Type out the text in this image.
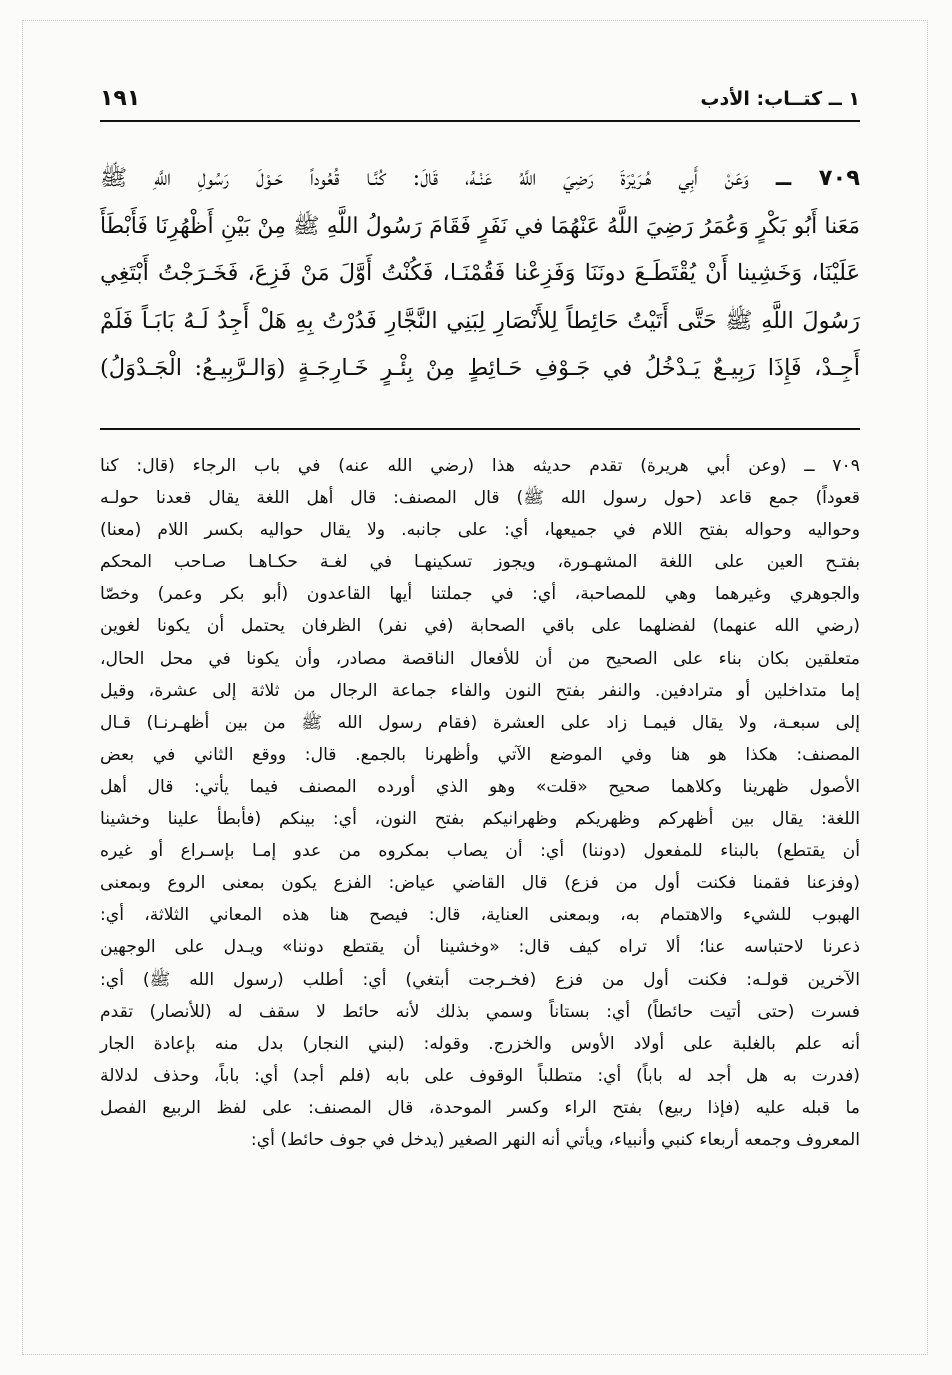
١ ــ كتــاب: الأدب
١٩١
٧٠٩ ــ وَعَنْ أَبِي هُـرَيْرَةَ رَضِيَ اللَّهُ عَنْـهُ، قَالَ: كُنَّـا قُعُوداً حَـوْلَ رَسُولِ اللَّهِ ﷺ
مَعَنا أَبُو بَكْرٍ وَعُمَرُ رَضِيَ اللَّهُ عَنْهُمَا في نَفَرٍ فَقَامَ رَسُولُ اللَّهِ ﷺ مِنْ بَيْنِ أَظْهُرِنَا فَأَبْطَأَ
عَلَيْنَا، وَخَشِينا أَنْ يُقْتَطَـعَ دونَنَا وَفَزِعْنا فَقُمْنَـا، فَكُنْتُ أَوَّلَ مَنْ فَزِعَ، فَخَـرَجْتُ أَبْتَغِي
رَسُولَ اللَّهِ ﷺ حَتَّى أَتَيْتُ حَائِطاً لِلأَنْصَارِ لِبَنِي النَّجَّارِ فَدُرْتُ بِهِ هَلْ أَجِدُ لَـهُ بَابَـاً فَلَمْ
أَجِـدْ، فَإِذَا رَبِيـعٌ يَـدْخُلُ في جَـوْفِ حَـائِطٍ مِنْ بِئْـرٍ خَـارِجَـةٍ (وَالـرَّبِيـعُ: الْجَـدْوَلُ)
٧٠٩ ــ (وعن أبي هريرة) تقدم حديثه هذا (رضي الله عنه) في باب الرجاء (قال: كنا
قعوداً) جمع قاعد (حول رسول الله ﷺ) قال المصنف: قال أهل اللغة يقال قعدنا حولـه
وحواليه وحواله بفتح اللام في جميعها، أي: على جانبه. ولا يقال حواليه بكسر اللام (معنا)
بفتـح العين على اللغة المشهـورة، ويجوز تسكينهـا في لغـة حكـاهـا صـاحب المحكم
والجوهري وغيرهما وهي للمصاحبة، أي: في جملتنا أيها القاعدون (أبو بكر وعمر) وخصّا
(رضي الله عنهما) لفضلهما على باقي الصحابة (في نفر) الظرفان يحتمل أن يكونا لغوين
متعلقين بكان بناء على الصحيح من أن للأفعال الناقصة مصادر، وأن يكونا في محل الحال،
إما متداخلين أو مترادفين. والنفر بفتح النون والفاء جماعة الرجال من ثلاثة إلى عشرة، وقيل
إلى سبعـة، ولا يقال فيمـا زاد على العشرة (فقام رسول الله ﷺ من بين أظهـرنـا) قـال
المصنف: هكذا هو هنا وفي الموضع الآتي وأظهرنا بالجمع. قال: ووقع الثاني في بعض
الأصول ظهرينا وكلاهما صحيح «قلت» وهو الذي أورده المصنف فيما يأتي: قال أهل
اللغة: يقال بين أظهركم وظهريكم وظهرانيكم بفتح النون، أي: بينكم (فأبطأ علينا وخشينا
أن يقتطع) بالبناء للمفعول (دوننا) أي: أن يصاب بمكروه من عدو إمـا بإسـراع أو غيره
(وفزعنا فقمنا فكنت أول من فزع) قال القاضي عياض: الفزع يكون بمعنى الروع وبمعنى
الهبوب للشيء والاهتمام به، وبمعنى العناية، قال: فيصح هنا هذه المعاني الثلاثة، أي:
ذعرنا لاحتباسه عنا؛ ألا تراه كيف قال: «وخشينا أن يقتطع دوننا» ويـدل على الوجهين
الآخرين قولـه: فكنت أول من فزع (فخـرجت أبتغي) أي: أطلب (رسول الله ﷺ) أي:
فسرت (حتى أتيت حائطاً) أي: بستاناً وسمي بذلك لأنه حائط لا سقف له (للأنصار) تقدم
أنه علم بالغلبة على أولاد الأوس والخزرج. وقوله: (لبني النجار) بدل منه بإعادة الجار
(فدرت به هل أجد له باباً) أي: متطلباً الوقوف على بابه (فلم أجد) أي: باباً، وحذف لدلالة
ما قبله عليه (فإذا ربيع) بفتح الراء وكسر الموحدة، قال المصنف: على لفظ الربيع الفصل
المعروف وجمعه أربعاء كنبي وأنبياء، ويأتي أنه النهر الصغير (يدخل في جوف حائط) أي:
